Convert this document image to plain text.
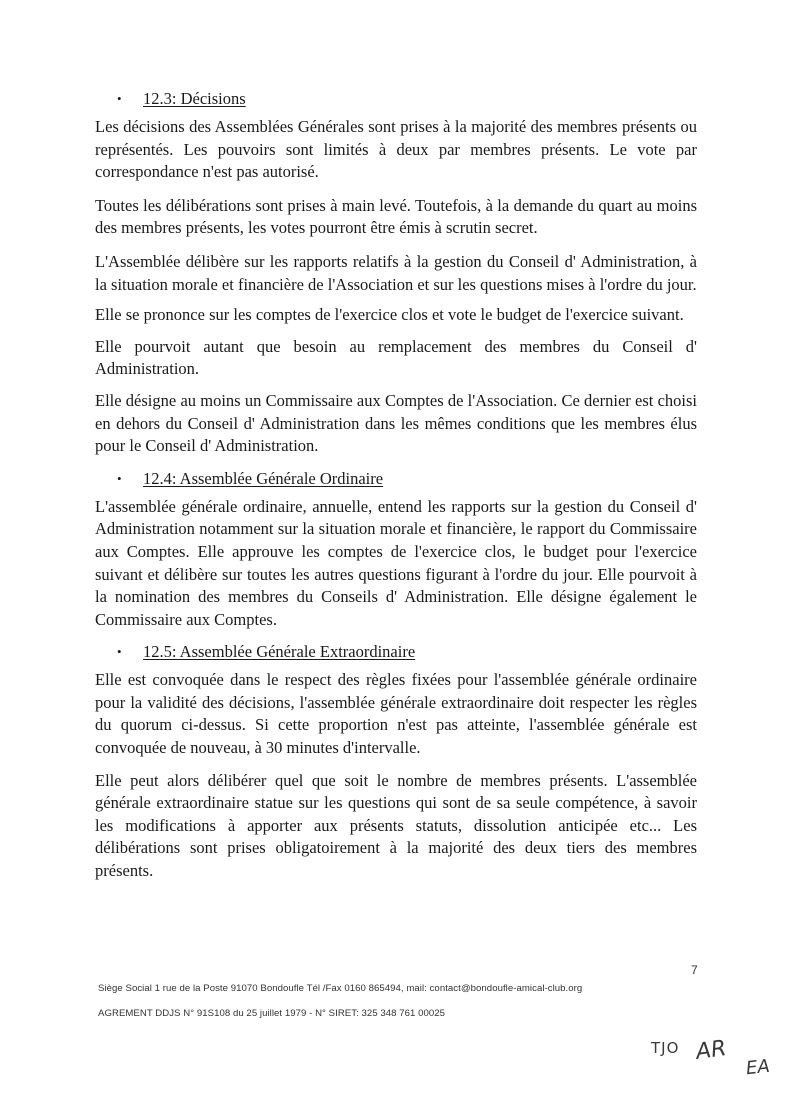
• 12.3: Décisions

Les décisions des Assemblées Générales sont prises à la majorité des membres présents ou représentés. Les pouvoirs sont limités à deux par membres présents. Le vote par correspondance n'est pas autorisé.

Toutes les délibérations sont prises à main levé. Toutefois, à la demande du quart au moins des membres présents, les votes pourront être émis à scrutin secret.

L'Assemblée délibère sur les rapports relatifs à la gestion du Conseil d' Administration, à la situation morale et financière de l'Association et sur les questions mises à l'ordre du jour.

Elle se prononce sur les comptes de l'exercice clos et vote le budget de l'exercice suivant.

Elle pourvoit autant que besoin au remplacement des membres du Conseil d' Administration.

Elle désigne au moins un Commissaire aux Comptes de l'Association. Ce dernier est choisi en dehors du Conseil d' Administration dans les mêmes conditions que les membres élus pour le Conseil d' Administration.

• 12.4: Assemblée Générale Ordinaire

L'assemblée générale ordinaire, annuelle, entend les rapports sur la gestion du Conseil d' Administration notamment sur la situation morale et financière, le rapport du Commissaire aux Comptes. Elle approuve les comptes de l'exercice clos, le budget pour l'exercice suivant et délibère sur toutes les autres questions figurant à l'ordre du jour. Elle pourvoit à la nomination des membres du Conseils d' Administration. Elle désigne également le Commissaire aux Comptes.

• 12.5: Assemblée Générale Extraordinaire

Elle est convoquée dans le respect des règles fixées pour l'assemblée générale ordinaire pour la validité des décisions, l'assemblée générale extraordinaire doit respecter les règles du quorum ci-dessus. Si cette proportion n'est pas atteinte, l'assemblée générale est convoquée de nouveau, à 30 minutes d'intervalle.

Elle peut alors délibérer quel que soit le nombre de membres présents. L'assemblée générale extraordinaire statue sur les questions qui sont de sa seule compétence, à savoir les modifications à apporter aux présents statuts, dissolution anticipée etc... Les délibérations sont prises obligatoirement à la majorité des deux tiers des membres présents.

7
Siège Social 1 rue de la Poste 91070 Bondoufle Tél /Fax 0160 865494, mail: contact@bondoufle-amical-club.org
AGREMENT DDJS N° 91S108 du 25 juillet 1979 - N° SIRET: 325 348 761 00025
TJO AR
EA
